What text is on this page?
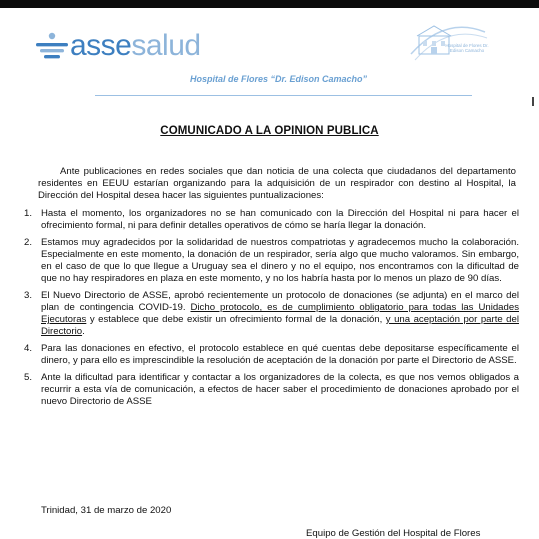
asse salud	Hospital de Flores Dr. Edison Camacho
Hospital de Flores “Dr. Edison Camacho”
COMUNICADO A LA OPINION PUBLICA

Ante publicaciones en redes sociales que dan noticia de una colecta que ciudadanos del departamento residentes en EEUU estarían organizando para la adquisición de un respirador con destino al Hospital, la Dirección del Hospital desea hacer las siguientes puntualizaciones:

1. Hasta el momento, los organizadores no se han comunicado con la Dirección del Hospital ni para hacer el ofrecimiento formal, ni para definir detalles operativos de cómo se haría llegar la donación.
2. Estamos muy agradecidos por la solidaridad de nuestros compatriotas y agradecemos mucho la colaboración. Especialmente en este momento, la donación de un respirador, sería algo que mucho valoramos. Sin embargo, en el caso de que lo que llegue a Uruguay sea el dinero y no el equipo, nos encontramos con la dificultad de que no hay respiradores en plaza en este momento, y no los habría hasta por lo menos un plazo de 90 días.
3. El Nuevo Directorio de ASSE, aprobó recientemente un protocolo de donaciones (se adjunta) en el marco del plan de contingencia COVID-19. Dicho protocolo, es de cumplimiento obligatorio para todas las Unidades Ejecutoras y establece que debe existir un ofrecimiento formal de la donación, y una aceptación por parte del Directorio.
4. Para las donaciones en efectivo, el protocolo establece en qué cuentas debe depositarse específicamente el dinero, y para ello es imprescindible la resolución de aceptación de la donación por parte el Directorio de ASSE.
5. Ante la dificultad para identificar y contactar a los organizadores de la colecta, es que nos vemos obligados a recurrir a esta vía de comunicación, a efectos de hacer saber el procedimiento de donaciones aprobado por el nuevo Directorio de ASSE
Trinidad, 31 de marzo de 2020
Equipo de Gestión del Hospital de Flores
